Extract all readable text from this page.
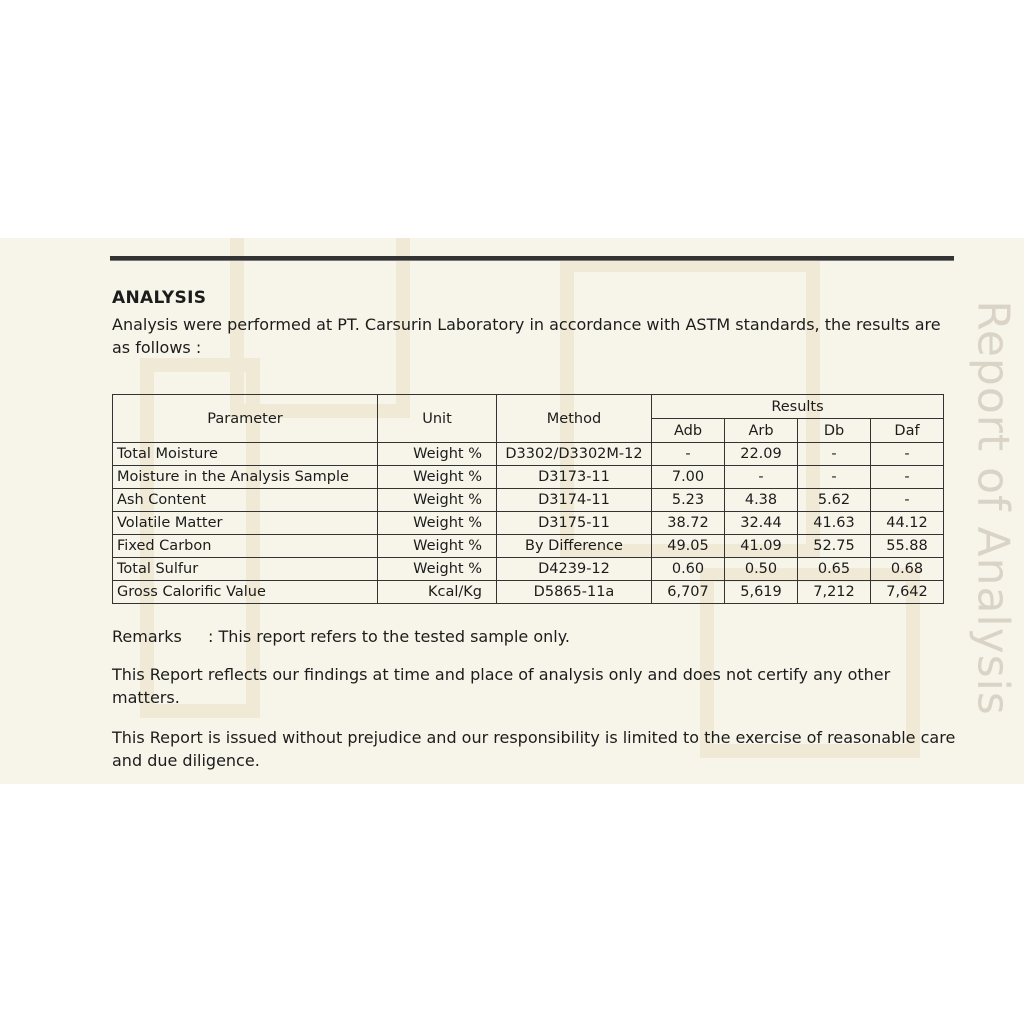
Report of Analysis
ANALYSIS
Analysis were performed at PT. Carsurin Laboratory in accordance with ASTM standards, the results are as follows :
Parameter	Unit	Method	Results			
			Adb	Arb	Db	Daf
Total Moisture	Weight %	D3302/D3302M-12	-	22.09	-	-
Moisture in the Analysis Sample	Weight %	D3173-11	7.00	-	-	-
Ash Content	Weight %	D3174-11	5.23	4.38	5.62	-
Volatile Matter	Weight %	D3175-11	38.72	32.44	41.63	44.12
Fixed Carbon	Weight %	By Difference	49.05	41.09	52.75	55.88
Total Sulfur	Weight %	D4239-12	0.60	0.50	0.65	0.68
Gross Calorific Value	Kcal/Kg	D5865-11a	6,707	5,619	7,212	7,642
Remarks	: This report refers to the tested sample only.
This Report reflects our findings at time and place of analysis only and does not certify any other matters.
This Report is issued without prejudice and our responsibility is limited to the exercise of reasonable care and due diligence.
